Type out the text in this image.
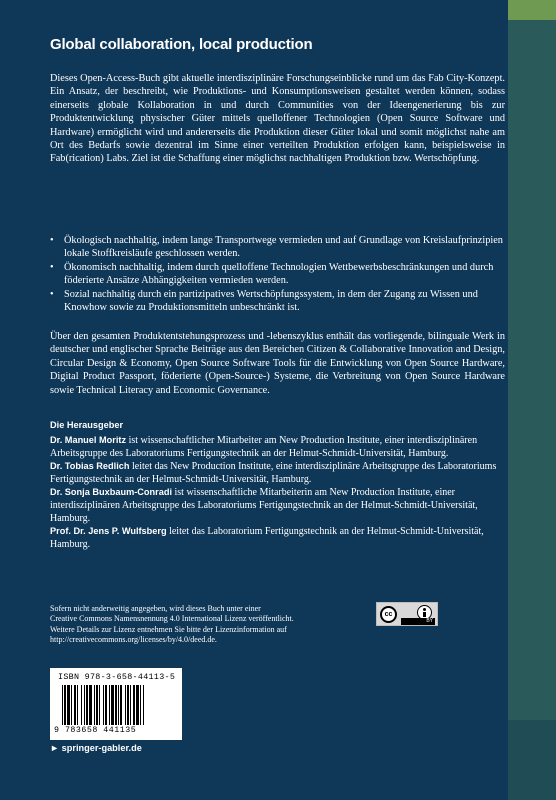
Global collaboration, local production
Dieses Open-Access-Buch gibt aktuelle interdisziplinäre Forschungseinblicke rund um das Fab City-Konzept. Ein Ansatz, der beschreibt, wie Produktions- und Konsumptionsweisen gestaltet werden können, sodass einerseits globale Kollaboration in und durch Communities von der Ideengenerierung bis zur Produktentwicklung physischer Güter mittels quelloffener Technologien (Open Source Software und Hardware) ermöglicht wird und andererseits die Produktion dieser Güter lokal und somit möglichst nahe am Ort des Bedarfs sowie dezentral im Sinne einer verteilten Produktion erfolgen kann, beispielsweise in Fab(rication) Labs. Ziel ist die Schaffung einer möglichst nachhaltigen Produktion bzw. Wertschöpfung.
• Ökologisch nachhaltig, indem lange Transportwege vermieden und auf Grundlage von Kreislaufprinzipien lokale Stoffkreisläufe geschlossen werden.
• Ökonomisch nachhaltig, indem durch quelloffene Technologien Wettbewerbsbeschränkungen und durch föderierte Ansätze Abhängigkeiten vermieden werden.
• Sozial nachhaltig durch ein partizipatives Wertschöpfungssystem, in dem der Zugang zu Wissen und Knowhow sowie zu Produktionsmitteln unbeschränkt ist.
Über den gesamten Produktentstehungsprozess und -lebenszyklus enthält das vorliegende, bilinguale Werk in deutscher und englischer Sprache Beiträge aus den Bereichen Citizen & Collaborative Innovation and Design, Circular Design & Economy, Open Source Software Tools für die Entwicklung von Open Source Hardware, Digital Product Passport, föderierte (Open-Source-) Systeme, die Verbreitung von Open Source Hardware sowie Technical Literacy and Economic Governance.
Die Herausgeber

Dr. Manuel Moritz ist wissenschaftlicher Mitarbeiter am New Production Institute, einer interdisziplinären Arbeitsgruppe des Laboratoriums Fertigungstechnik an der Helmut-Schmidt-Universität, Hamburg.

Dr. Tobias Redlich leitet das New Production Institute, eine interdisziplinäre Arbeitsgruppe des Laboratoriums Fertigungstechnik an der Helmut-Schmidt-Universität, Hamburg.

Dr. Sonja Buxbaum-Conradi ist wissenschaftliche Mitarbeiterin am New Production Institute, einer interdisziplinären Arbeitsgruppe des Laboratoriums Fertigungstechnik an der Helmut-Schmidt-Universität, Hamburg.

Prof. Dr. Jens P. Wulfsberg leitet das Laboratorium Fertigungstechnik an der Helmut-Schmidt-Universität, Hamburg.

Sofern nicht anderweitig angegeben, wird dieses Buch unter einer
Creative Commons Namensnennung 4.0 International Lizenz veröffentlicht.
Weitere Details zur Lizenz entnehmen Sie bitte der Lizenzinformation auf
http://creativecommons.org/licenses/by/4.0/deed.de.
cc
BY
ISBN 978-3-658-44113-5
9 783658 441135
► springer-gabler.de
